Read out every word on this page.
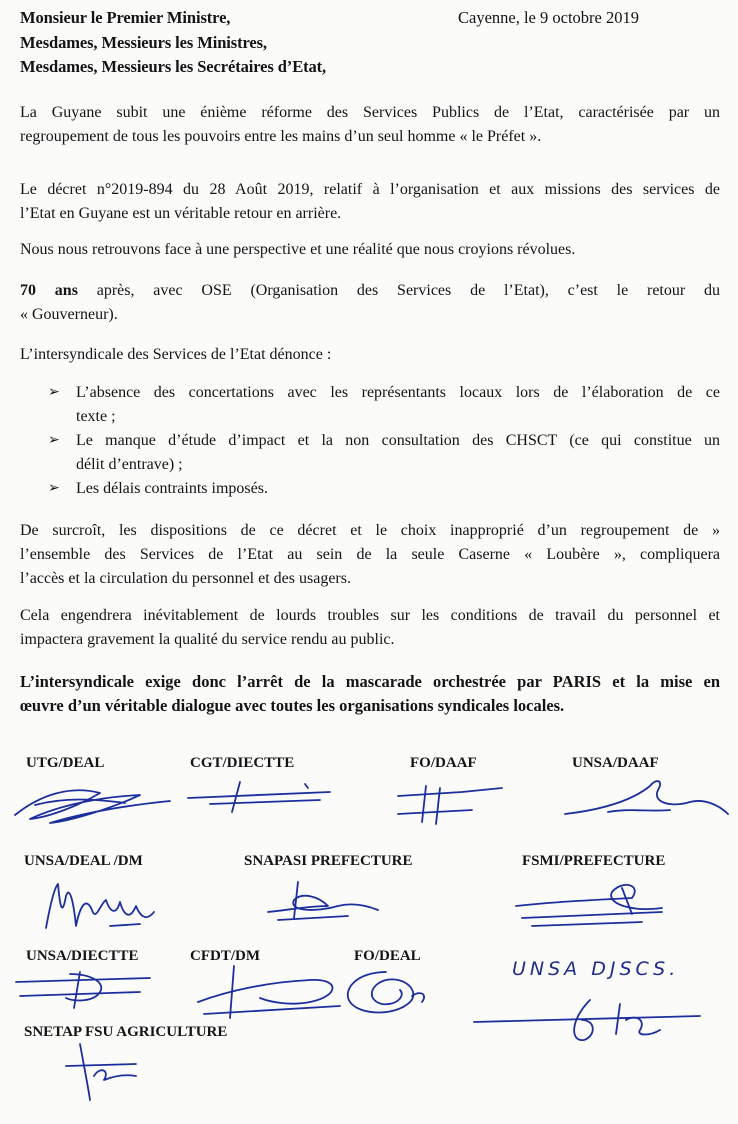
Monsieur le Premier Ministre,
Mesdames, Messieurs les Ministres,
Mesdames, Messieurs les Secrétaires d’Etat,
Cayenne, le 9 octobre 2019
La Guyane subit une énième réforme des Services Publics de l’Etat, caractérisée par un
regroupement de tous les pouvoirs entre les mains d’un seul homme « le Préfet ».
Le décret n°2019-894 du 28 Août 2019, relatif à l’organisation et aux missions des services de
l’Etat en Guyane est un véritable retour en arrière.
Nous nous retrouvons face à une perspective et une réalité que nous croyions révolues.
70 ans après, avec OSE (Organisation des Services de l’Etat), c’est le retour du
« Gouverneur).
L’intersyndicale des Services de l’Etat dénonce :
➢ L’absence des concertations avec les représentants locaux lors de l’élaboration de ce
texte ;
➢ Le manque d’étude d’impact et la non consultation des CHSCT (ce qui constitue un
délit d’entrave) ;
➢ Les délais contraints imposés.
De surcroît, les dispositions de ce décret et le choix inapproprié d’un regroupement de »
l’ensemble des Services de l’Etat au sein de la seule Caserne « Loubère », compliquera
l’accès et la circulation du personnel et des usagers.
Cela engendrera inévitablement de lourds troubles sur les conditions de travail du personnel et
impactera gravement la qualité du service rendu au public.
L’intersyndicale exige donc l’arrêt de la mascarade orchestrée par PARIS et la mise en
œuvre d’un véritable dialogue avec toutes les organisations syndicales locales.
UTG/DEAL	CGT/DIECTTE	FO/DAAF	UNSA/DAAF
UNSA/DEAL /DM	SNAPASI PREFECTURE	FSMI/PREFECTURE
UNSA/DIECTTE	CFDT/DM	FO/DEAL
UNSA DJSCS.
SNETAP FSU AGRICULTURE
